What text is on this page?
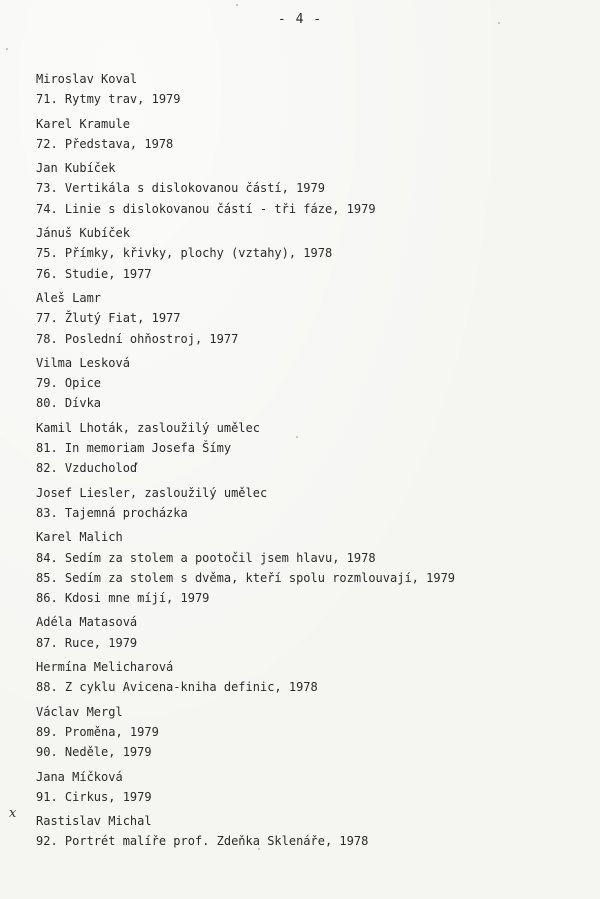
- 4 -
x
Miroslav Koval
71. Rytmy trav, 1979
Karel Kramule
72. Představa, 1978
Jan Kubíček
73. Vertikála s dislokovanou částí, 1979
74. Linie s dislokovanou částí - tři fáze, 1979
Jánuš Kubíček
75. Přímky, křivky, plochy (vztahy), 1978
76. Studie, 1977
Aleš Lamr
77. Žlutý Fiat, 1977
78. Poslední ohňostroj, 1977
Vilma Lesková
79. Opice
80. Dívka
Kamil Lhoták, zasloužilý umělec
81. In memoriam Josefa Šímy
82. Vzducholoď
Josef Liesler, zasloužilý umělec
83. Tajemná procházka
Karel Malich
84. Sedím za stolem a pootočil jsem hlavu, 1978
85. Sedím za stolem s dvěma, kteří spolu rozmlouvají, 1979
86. Kdosi mne míjí, 1979
Adéla Matasová
87. Ruce, 1979
Hermína Melicharová
88. Z cyklu Avicena-kniha definic, 1978
Václav Mergl
89. Proměna, 1979
90. Neděle, 1979
Jana Míčková
91. Cirkus, 1979
Rastislav Michal
92. Portrét malíře prof. Zdeňka Sklenáře, 1978
